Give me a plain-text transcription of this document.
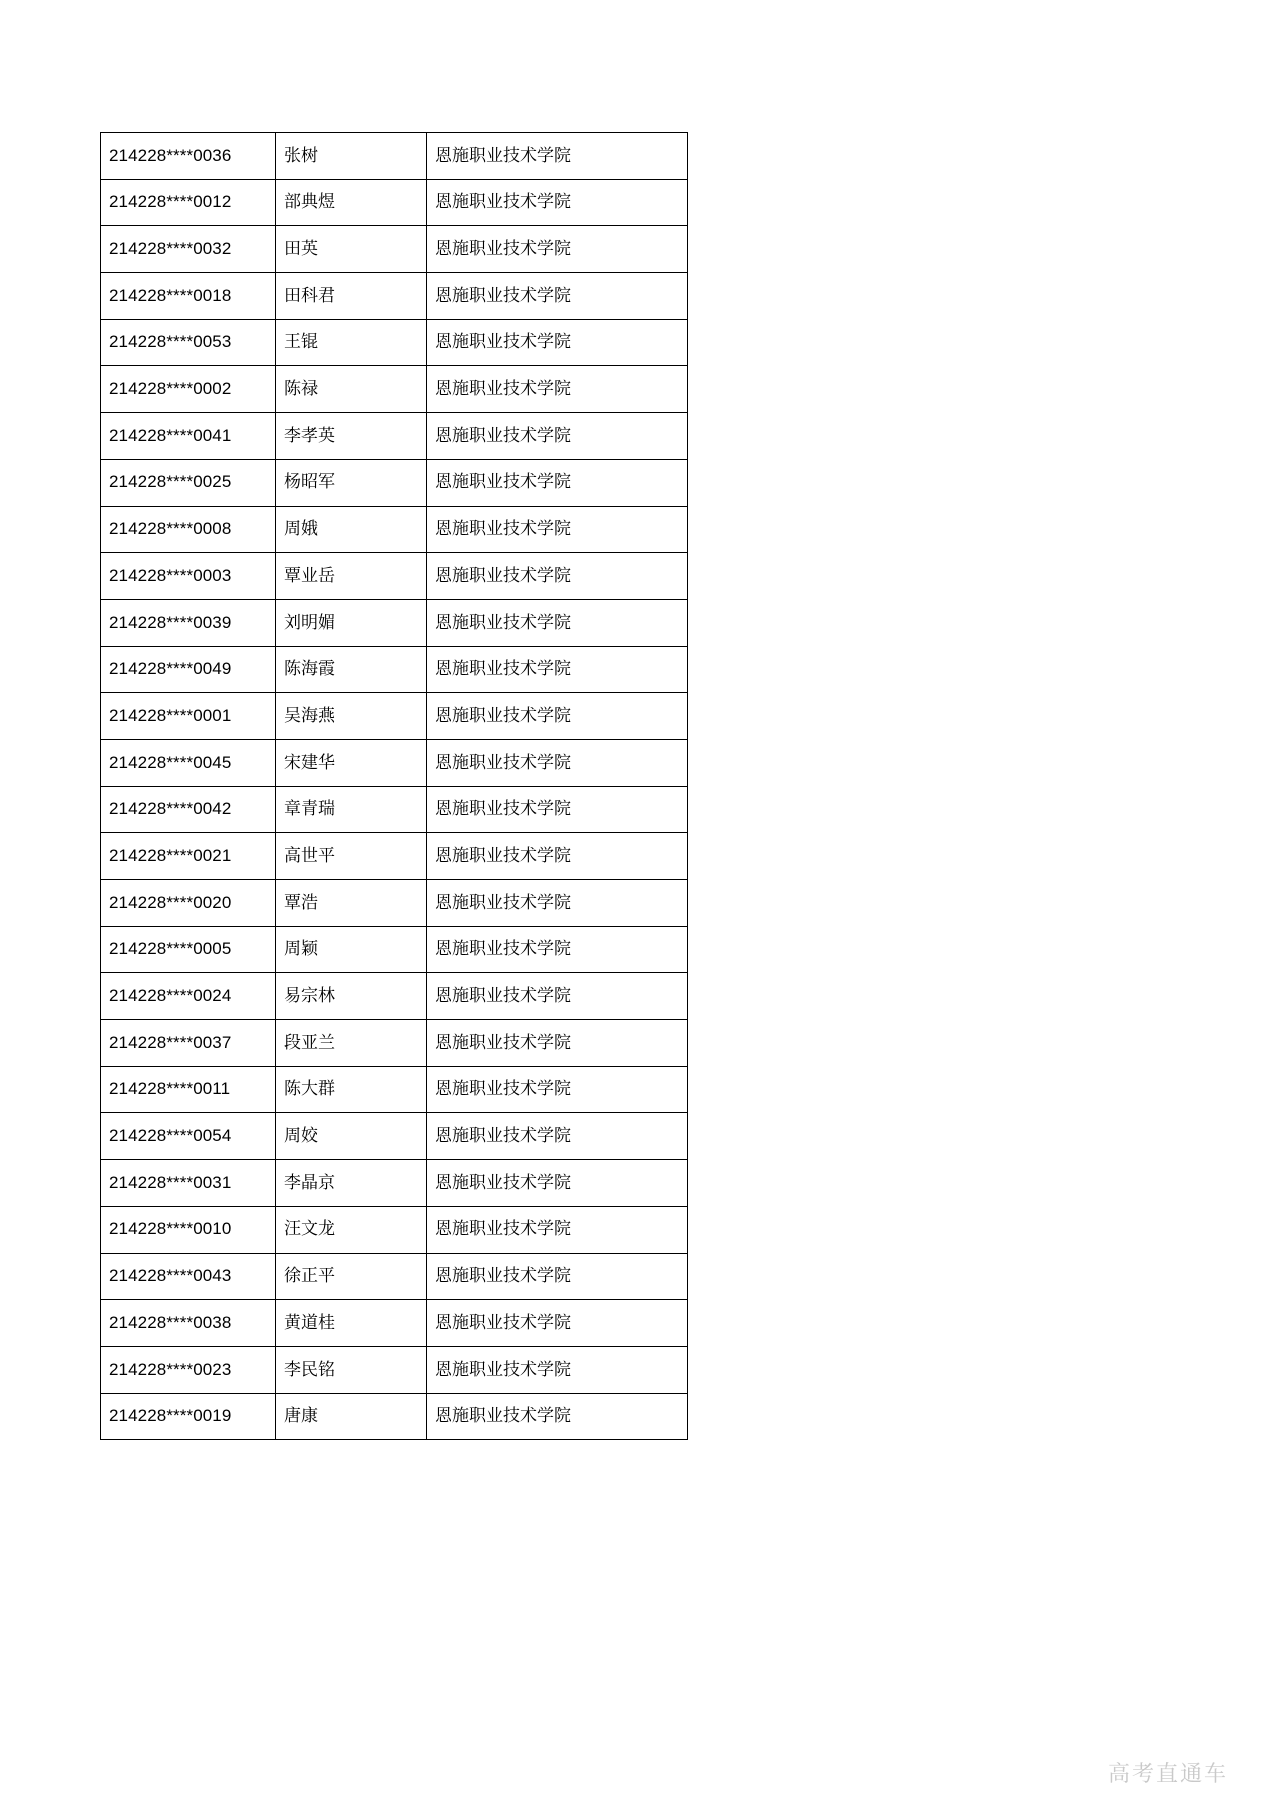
214228****0036	张树	恩施职业技术学院
214228****0012	部典煜	恩施职业技术学院
214228****0032	田英	恩施职业技术学院
214228****0018	田科君	恩施职业技术学院
214228****0053	王锟	恩施职业技术学院
214228****0002	陈禄	恩施职业技术学院
214228****0041	李孝英	恩施职业技术学院
214228****0025	杨昭军	恩施职业技术学院
214228****0008	周娥	恩施职业技术学院
214228****0003	覃业岳	恩施职业技术学院
214228****0039	刘明媚	恩施职业技术学院
214228****0049	陈海霞	恩施职业技术学院
214228****0001	吴海燕	恩施职业技术学院
214228****0045	宋建华	恩施职业技术学院
214228****0042	章青瑞	恩施职业技术学院
214228****0021	高世平	恩施职业技术学院
214228****0020	覃浩	恩施职业技术学院
214228****0005	周颖	恩施职业技术学院
214228****0024	易宗林	恩施职业技术学院
214228****0037	段亚兰	恩施职业技术学院
214228****0011	陈大群	恩施职业技术学院
214228****0054	周姣	恩施职业技术学院
214228****0031	李晶京	恩施职业技术学院
214228****0010	汪文龙	恩施职业技术学院
214228****0043	徐正平	恩施职业技术学院
214228****0038	黄道桂	恩施职业技术学院
214228****0023	李民铭	恩施职业技术学院
214228****0019	唐康	恩施职业技术学院
高考直通车
